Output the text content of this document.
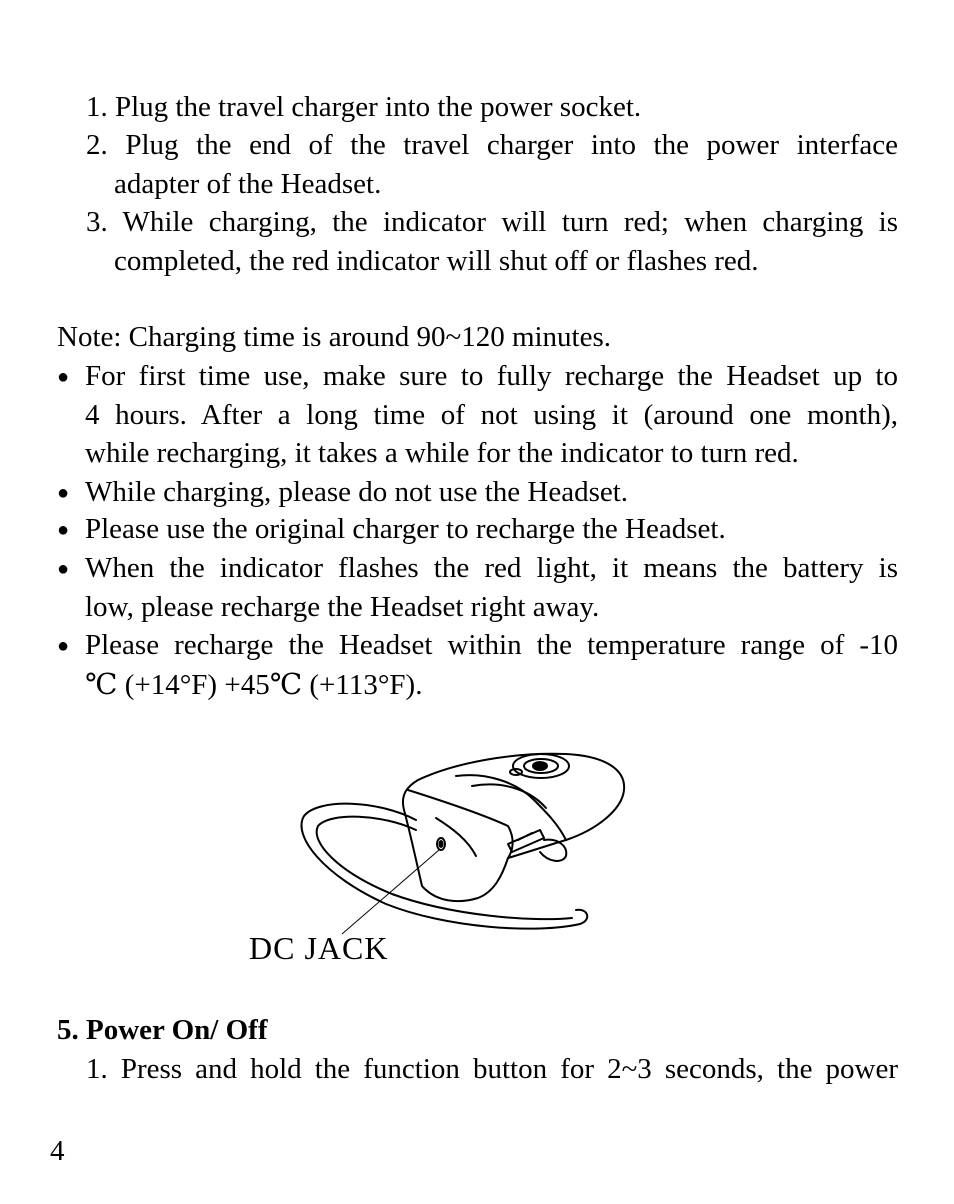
1. Plug the travel charger into the power socket.
2. Plug the end of the travel charger into the power interface
adapter of the Headset.
3. While charging, the indicator will turn red; when charging is
completed, the red indicator will shut off or flashes red.
Note: Charging time is around 90~120 minutes.
● For first time use, make sure to fully recharge the Headset up to
4 hours. After a long time of not using it (around one month),
while recharging, it takes a while for the indicator to turn red.
● While charging, please do not use the Headset.
● Please use the original charger to recharge the Headset.
● When the indicator flashes the red light, it means the battery is
low, please recharge the Headset right away.
● Please recharge the Headset within the temperature range of -10
℃ (+14°F) +45℃ (+113°F).
DC JACK
5. Power On/ Off
1. Press and hold the function button for 2~3 seconds, the power
4
